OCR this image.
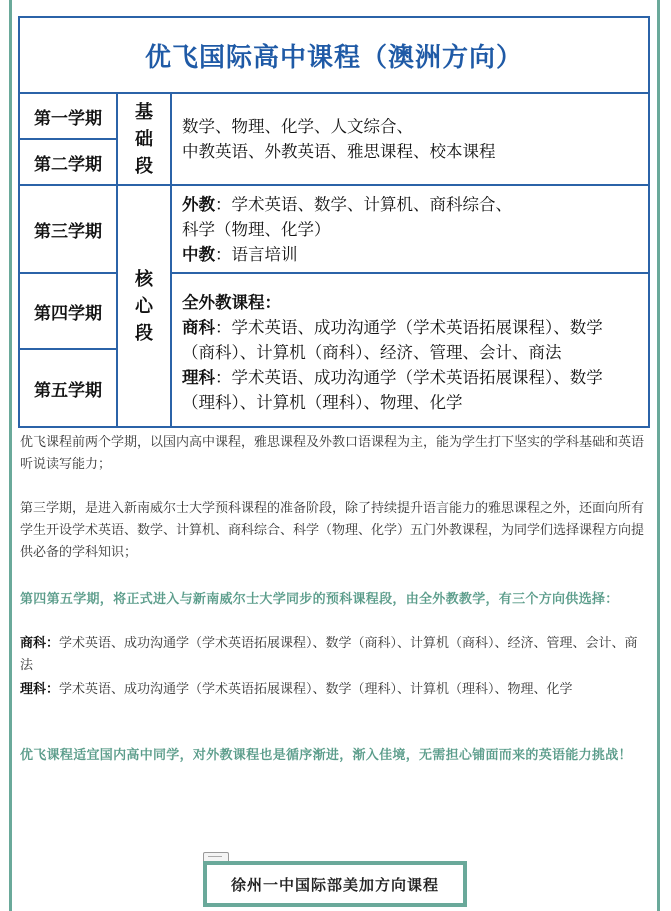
优飞国际高中课程（澳洲方向）
第一学期
第二学期
第三学期
第四学期
第五学期
基
础
段
核
心
段
数学、物理、化学、人文综合、
中教英语、外教英语、雅思课程、校本课程
外教：学术英语、数学、计算机、商科综合、
科学（物理、化学）
中教：语言培训
全外教课程：
商科：学术英语、成功沟通学（学术英语拓展课程）、数学
（商科）、计算机（商科）、经济、管理、会计、商法
理科：学术英语、成功沟通学（学术英语拓展课程）、数学
（理科）、计算机（理科）、物理、化学

优飞课程前两个学期，以国内高中课程，雅思课程及外教口语课程为主，能为学生打下坚实的学科基础和英语听说读写能力；

第三学期，是进入新南威尔士大学预科课程的准备阶段，除了持续提升语言能力的雅思课程之外，还面向所有学生开设学术英语、数学、计算机、商科综合、科学（物理、化学）五门外教课程，为同学们选择课程方向提供必备的学科知识；

第四第五学期，将正式进入与新南威尔士大学同步的预科课程段，由全外教教学，有三个方向供选择：

商科：学术英语、成功沟通学（学术英语拓展课程）、数学（商科）、计算机（商科）、经济、管理、会计、商法

理科：学术英语、成功沟通学（学术英语拓展课程）、数学（理科）、计算机（理科）、物理、化学

优飞课程适宜国内高中同学，对外教课程也是循序渐进，渐入佳境，无需担心铺面而来的英语能力挑战！

徐州一中国际部美加方向课程
